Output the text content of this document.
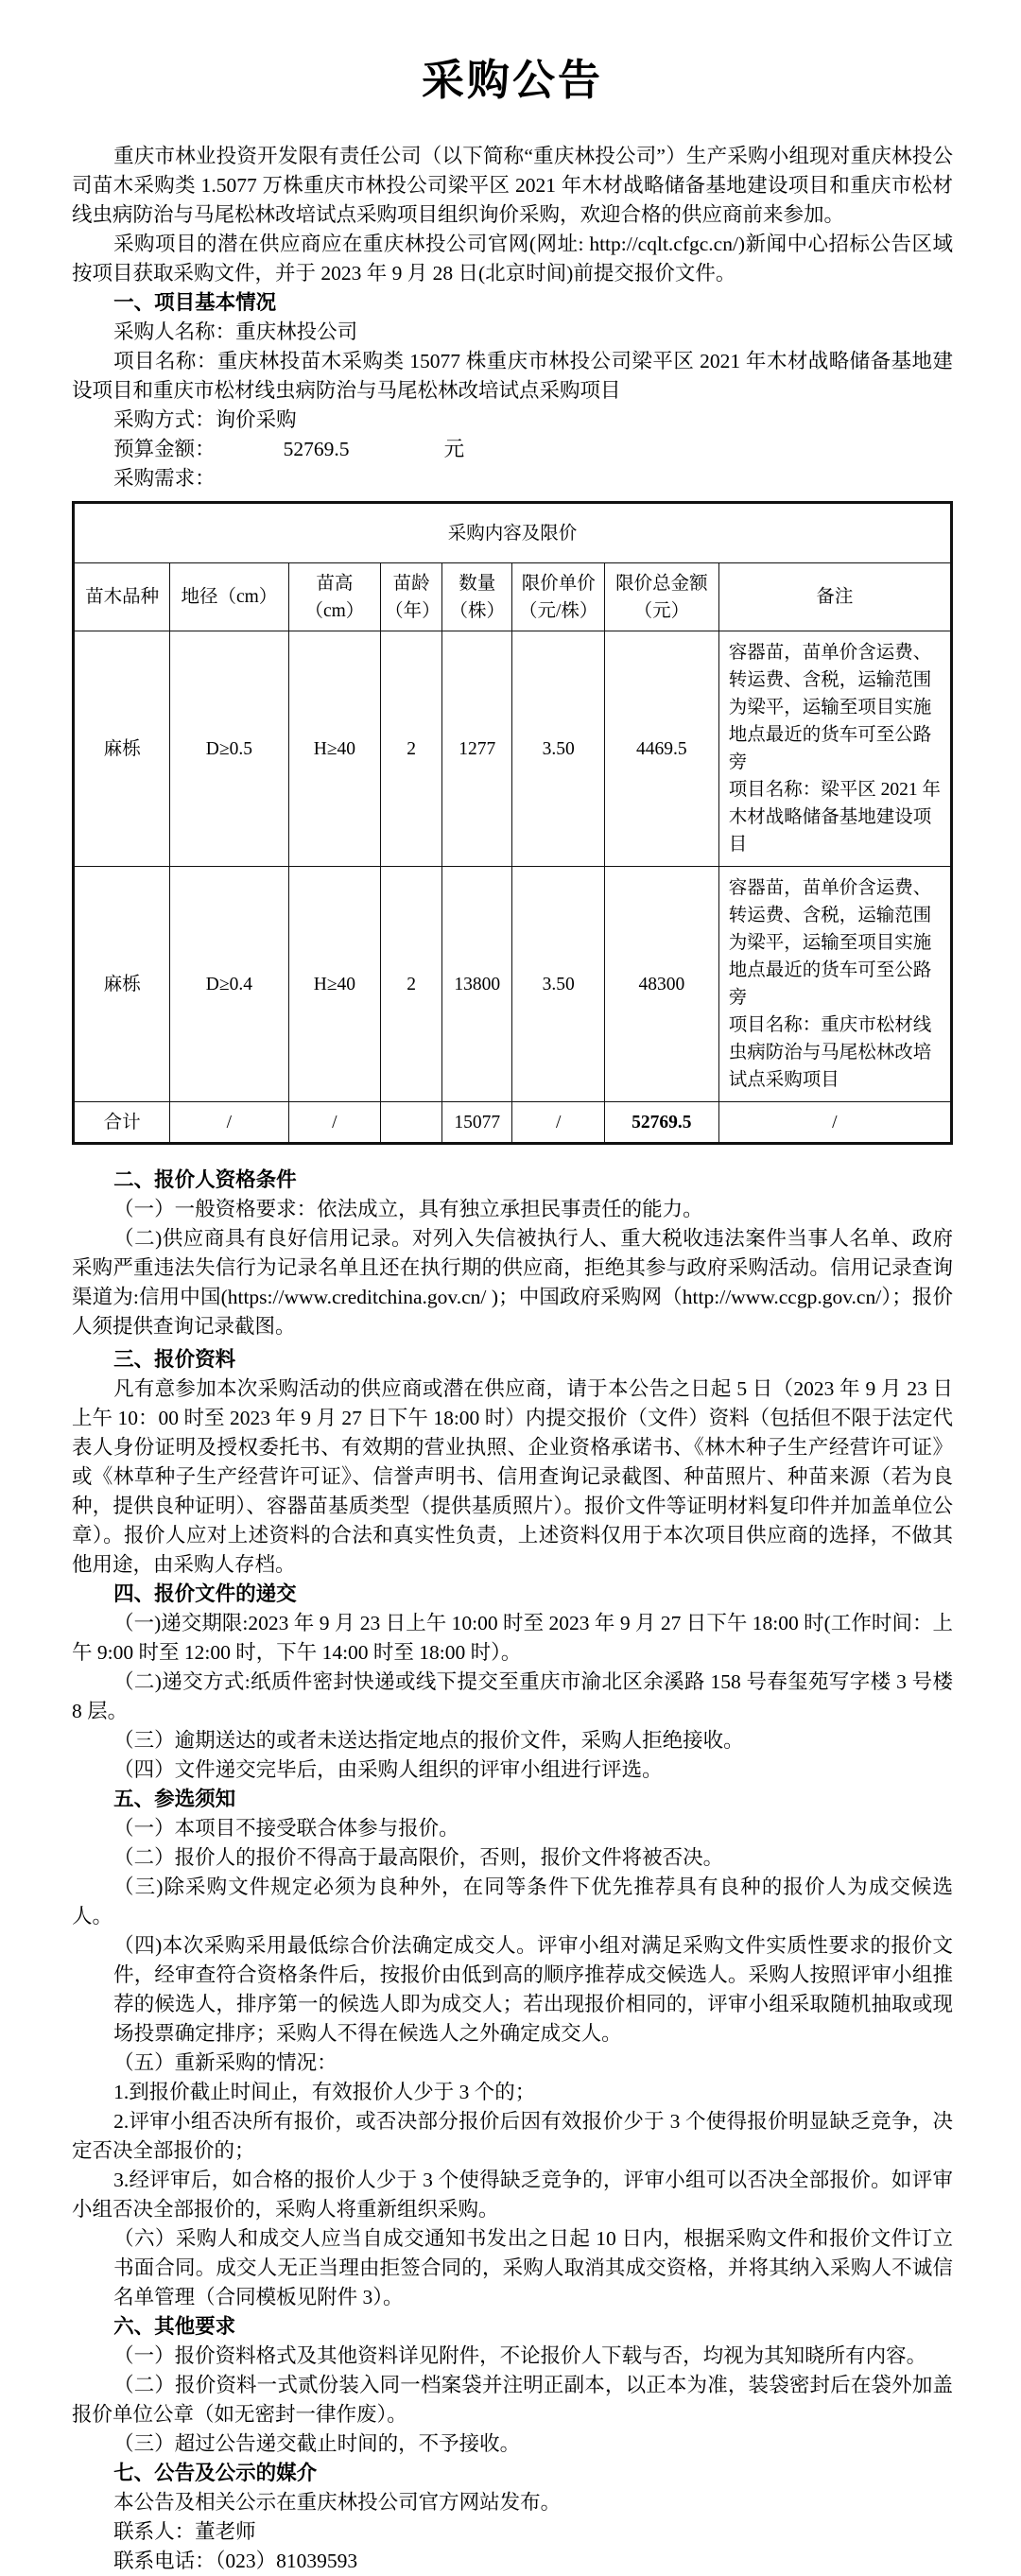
采购公告

重庆市林业投资开发限有责任公司（以下简称“重庆林投公司”）生产采购小组现对重庆林投公司苗木采购类 1.5077 万株重庆市林投公司梁平区 2021 年木材战略储备基地建设项目和重庆市松材线虫病防治与马尾松林改培试点采购项目组织询价采购，欢迎合格的供应商前来参加。

采购项目的潜在供应商应在重庆林投公司官网(网址: http://cqlt.cfgc.cn/)新闻中心招标公告区域按项目获取采购文件，并于 2023 年 9 月 28 日(北京时间)前提交报价文件。

一、项目基本情况

采购人名称：重庆林投公司

项目名称：重庆林投苗木采购类 15077 株重庆市林投公司梁平区 2021 年木材战略储备基地建设项目和重庆市松材线虫病防治与马尾松林改培试点采购项目

采购方式：询价采购

预算金额：	52769.5	元

采购需求：

采购内容及限价							
苗木品种	地径（cm）	苗高（cm）	苗龄（年）	数量（株）	限价单价（元/株）	限价总金额（元）	备注
麻栎	D≥0.5	H≥40	2	1277	3.50	4469.5	容器苗，苗单价含运费、转运费、含税，运输范围为梁平，运输至项目实施地点最近的货车可至公路旁
项目名称：梁平区 2021 年木材战略储备基地建设项目

麻栎	D≥0.4	H≥40	2	13800	3.50	48300	容器苗，苗单价含运费、转运费、含税，运输范围为梁平，运输至项目实施地点最近的货车可至公路旁
项目名称：重庆市松材线虫病防治与马尾松林改培试点采购项目

合计	/	/		15077	/	52769.5	/

二、报价人资格条件

（一）一般资格要求：依法成立，具有独立承担民事责任的能力。

（二)供应商具有良好信用记录。对列入失信被执行人、重大税收违法案件当事人名单、政府采购严重违法失信行为记录名单且还在执行期的供应商，拒绝其参与政府采购活动。信用记录查询渠道为:信用中国(https://www.creditchina.gov.cn/ )；中国政府采购网（http://www.ccgp.gov.cn/）；报价人须提供查询记录截图。

三、报价资料

凡有意参加本次采购活动的供应商或潜在供应商，请于本公告之日起 5 日（2023 年 9 月 23 日上午 10：00 时至 2023 年 9 月 27 日下午 18:00 时）内提交报价（文件）资料（包括但不限于法定代表人身份证明及授权委托书、有效期的营业执照、企业资格承诺书、《林木种子生产经营许可证》或《林草种子生产经营许可证》、信誉声明书、信用查询记录截图、种苗照片、种苗来源（若为良种，提供良种证明）、容器苗基质类型（提供基质照片）。报价文件等证明材料复印件并加盖单位公章）。报价人应对上述资料的合法和真实性负责，上述资料仅用于本次项目供应商的选择，不做其他用途，由采购人存档。

四、报价文件的递交

（一)递交期限:2023 年 9 月 23 日上午 10:00 时至 2023 年 9 月 27 日下午 18:00 时(工作时间：上午 9:00 时至 12:00 时，下午 14:00 时至 18:00 时）。

（二)递交方式:纸质件密封快递或线下提交至重庆市渝北区余溪路 158 号春玺苑写字楼 3 号楼 8 层。

（三）逾期送达的或者未送达指定地点的报价文件，采购人拒绝接收。

（四）文件递交完毕后，由采购人组织的评审小组进行评选。

五、参选须知

（一）本项目不接受联合体参与报价。

（二）报价人的报价不得高于最高限价，否则，报价文件将被否决。

（三)除采购文件规定必须为良种外，在同等条件下优先推荐具有良种的报价人为成交候选人。

（四)本次采购采用最低综合价法确定成交人。评审小组对满足采购文件实质性要求的报价文件，经审查符合资格条件后，按报价由低到高的顺序推荐成交候选人。采购人按照评审小组推荐的候选人，排序第一的候选人即为成交人；若出现报价相同的，评审小组采取随机抽取或现场投票确定排序；采购人不得在候选人之外确定成交人。

（五）重新采购的情况：

1.到报价截止时间止，有效报价人少于 3 个的；

2.评审小组否决所有报价，或否决部分报价后因有效报价少于 3 个使得报价明显缺乏竞争，决定否决全部报价的；

3.经评审后，如合格的报价人少于 3 个使得缺乏竞争的，评审小组可以否决全部报价。如评审小组否决全部报价的，采购人将重新组织采购。

（六）采购人和成交人应当自成交通知书发出之日起 10 日内，根据采购文件和报价文件订立书面合同。成交人无正当理由拒签合同的，采购人取消其成交资格，并将其纳入采购人不诚信名单管理（合同模板见附件 3）。

六、其他要求

（一）报价资料格式及其他资料详见附件，不论报价人下载与否，均视为其知晓所有内容。

（二）报价资料一式贰份装入同一档案袋并注明正副本，以正本为准，装袋密封后在袋外加盖报价单位公章（如无密封一律作废）。

（三）超过公告递交截止时间的，不予接收。

七、公告及公示的媒介

本公告及相关公示在重庆林投公司官方网站发布。

联系人：董老师

联系电话：（023）81039593
